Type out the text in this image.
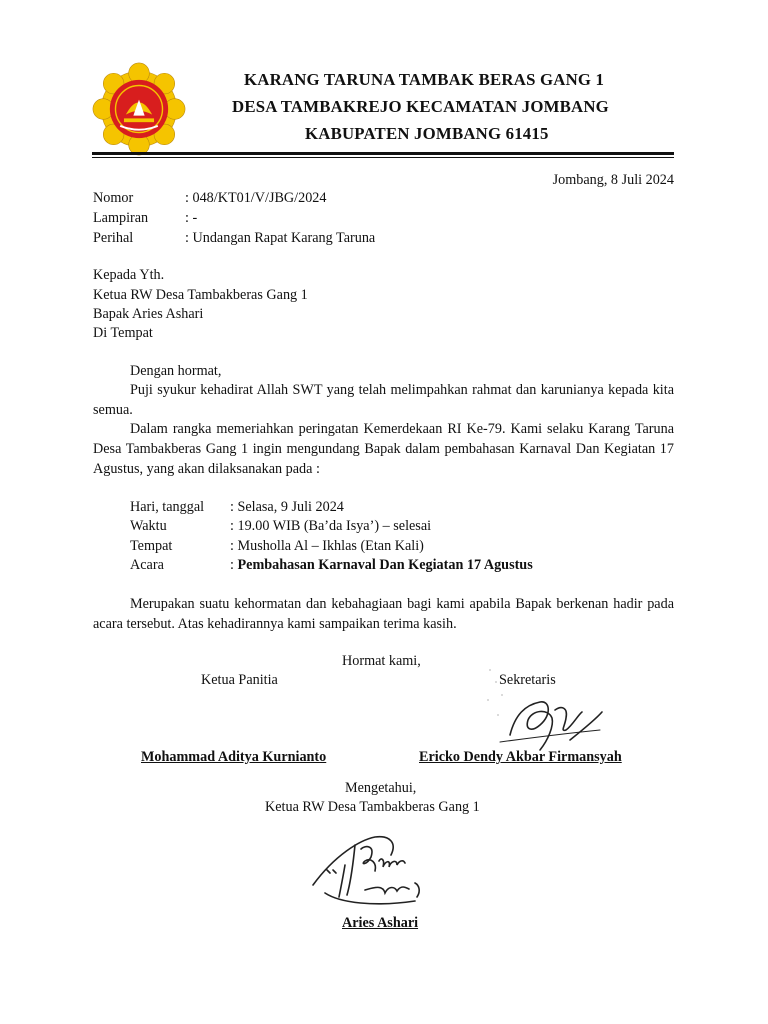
KARANG TARUNA TAMBAK BERAS GANG 1
DESA TAMBAKREJO KECAMATAN JOMBANG
KABUPATEN JOMBANG 61415
Jombang, 8 Juli 2024
Nomor	: 048/KT01/V/JBG/2024
Lampiran	: -
Perihal	: Undangan Rapat Karang Taruna
Kepada Yth.
Ketua RW Desa Tambakberas Gang 1
Bapak Aries Ashari
Di Tempat
Dengan hormat,
Puji syukur kehadirat Allah SWT yang telah melimpahkan rahmat dan karunianya kepada kita semua.
Dalam rangka memeriahkan peringatan Kemerdekaan RI Ke-79. Kami selaku Karang Taruna Desa Tambakberas Gang 1 ingin mengundang Bapak dalam pembahasan Karnaval Dan Kegiatan 17 Agustus, yang akan dilaksanakan pada :
Hari, tanggal : Selasa, 9 Juli 2024
Waktu	: 19.00 WIB (Ba’da Isya’) – selesai
Tempat	: Musholla Al – Ikhlas (Etan Kali)
Acara	: Pembahasan Karnaval Dan Kegiatan 17 Agustus
Merupakan suatu kehormatan dan kebahagiaan bagi kami apabila Bapak berkenan hadir pada acara tersebut. Atas kehadirannya kami sampaikan terima kasih.
Hormat kami,
Ketua Panitia	Sekretaris
Mohammad Aditya Kurnianto	Ericko Dendy Akbar Firmansyah
Mengetahui,
Ketua RW Desa Tambakberas Gang 1
Aries Ashari
